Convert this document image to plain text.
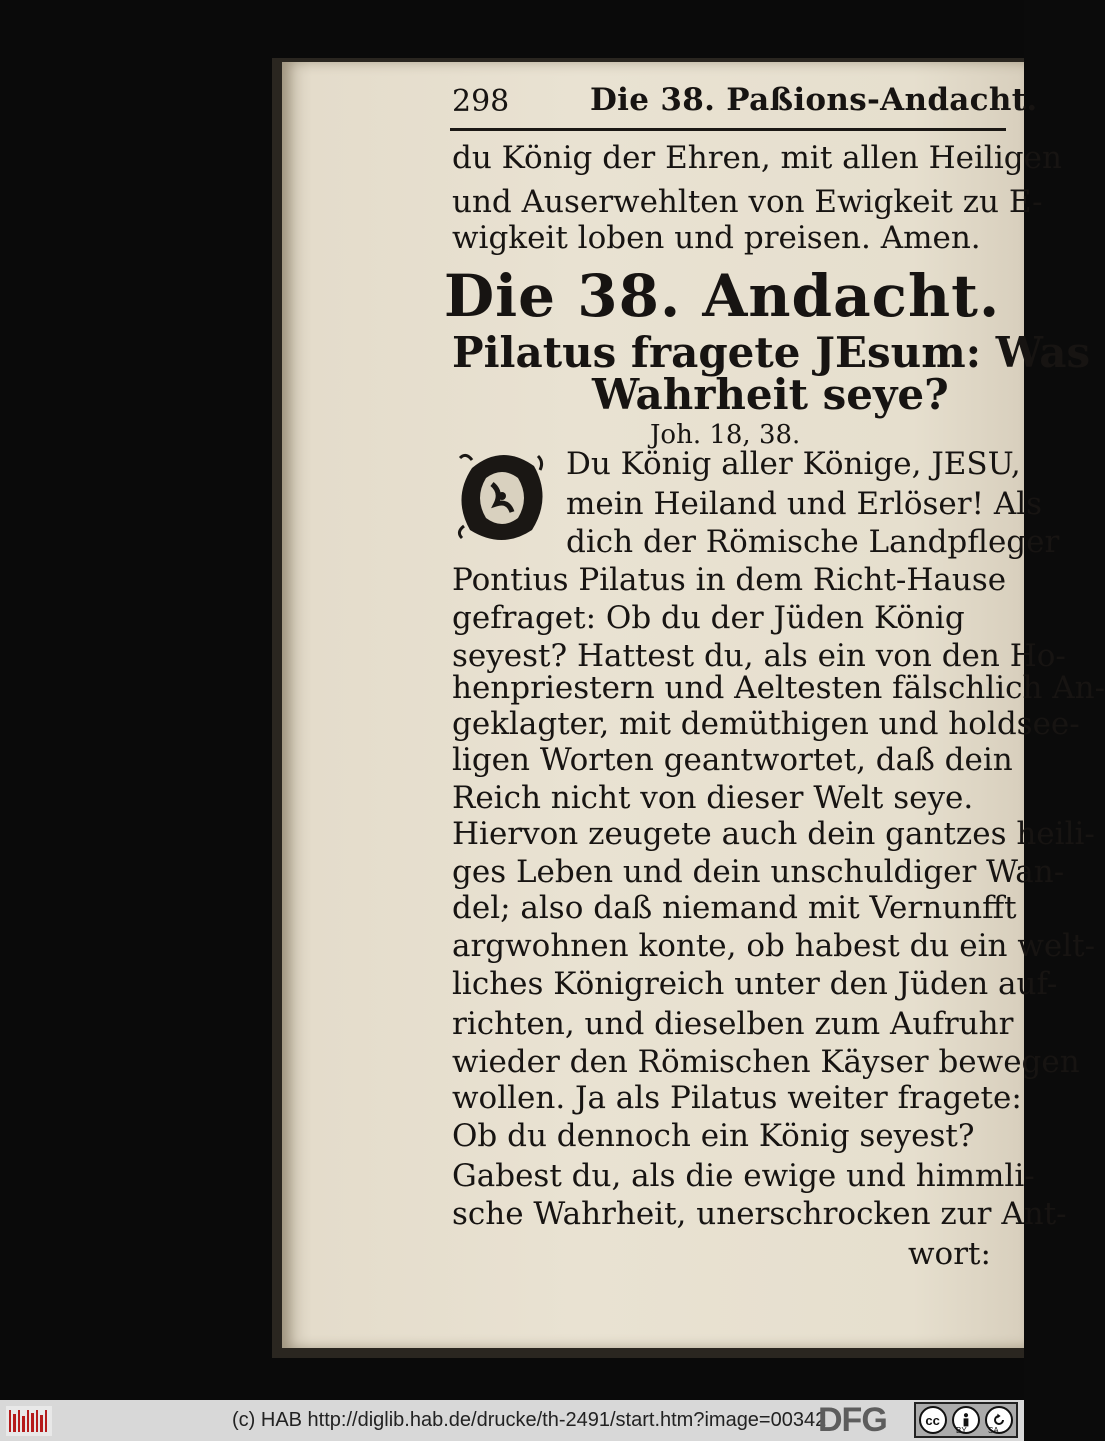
298	Die 38. Paßions-Andacht.
du König der Ehren, mit allen Heiligen
und Auserwehlten von Ewigkeit zu E-
wigkeit loben und preisen. Amen.
Die 38. Andacht.
Pilatus fragete JEsum: Was
Wahrheit seye?
Joh. 18, 38.
Du König aller Könige, JESU,
mein Heiland und Erlöser! Als
dich der Römische Landpfleger
Pontius Pilatus in dem Richt-Hause
gefraget: Ob du der Jüden König
seyest? Hattest du, als ein von den Ho-
henpriestern und Aeltesten fälschlich An-
geklagter, mit demüthigen und holdsee-
ligen Worten geantwortet, daß dein
Reich nicht von dieser Welt seye.
Hiervon zeugete auch dein gantzes heili-
ges Leben und dein unschuldiger Wan-
del; also daß niemand mit Vernunfft
argwohnen konte, ob habest du ein welt-
liches Königreich unter den Jüden auf-
richten, und dieselben zum Aufruhr
wieder den Römischen Käyser bewegen
wollen. Ja als Pilatus weiter fragete:
Ob du dennoch ein König seyest?
Gabest du, als die ewige und himmli-
sche Wahrheit, unerschrocken zur Ant-
wort:
(c) HAB http://diglib.hab.de/drucke/th-2491/start.htm?image=00342
DFG	cc
BY	SA
